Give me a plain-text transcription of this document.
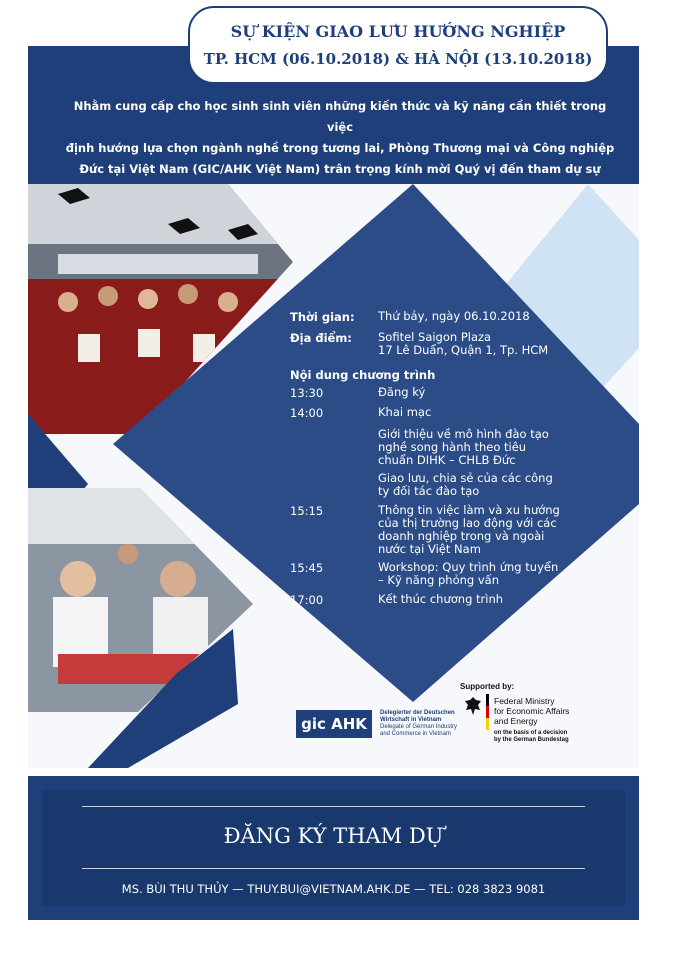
SỰ KIỆN GIAO LƯU HƯỚNG NGHIỆP
TP. HCM (06.10.2018) & HÀ NỘI (13.10.2018)
Nhằm cung cấp cho học sinh sinh viên những kiến thức và kỹ năng cần thiết trong việc
định hướng lựa chọn ngành nghề trong tương lai, Phòng Thương mại và Công nghiệp
Đức tại Việt Nam (GIC/AHK Việt Nam) trân trọng kính mời Quý vị đến tham dự sự
Thời gian: Thứ bảy, ngày 06.10.2018
Địa điểm: Sofitel Saigon Plaza
17 Lê Duẩn, Quận 1, Tp. HCM
Nội dung chương trình
13:30	Đăng ký
14:00	Khai mạc
Giới thiệu về mô hình đào tạo
nghề song hành theo tiêu
chuẩn DIHK – CHLB Đức
Giao lưu, chia sẻ của các công
ty đối tác đào tạo
15:15	Thông tin việc làm và xu hướng
của thị trường lao động với các
doanh nghiệp trong và ngoài
nước tại Việt Nam
15:45	Workshop: Quy trình ứng tuyển
– Kỹ năng phỏng vấn
17:00	Kết thúc chương trình
gic AHK
Delegierter der Deutschen
Wirtschaft in Vietnam
Delegate of German Industry
and Commerce in Vietnam
Supported by:
Federal Ministry
for Economic Affairs
and Energy
on the basis of a decision
by the German Bundestag
ĐĂNG KÝ THAM DỰ
MS. BÙI THU THỦY — THUY.BUI@VIETNAM.AHK.DE — TEL: 028 3823 9081
